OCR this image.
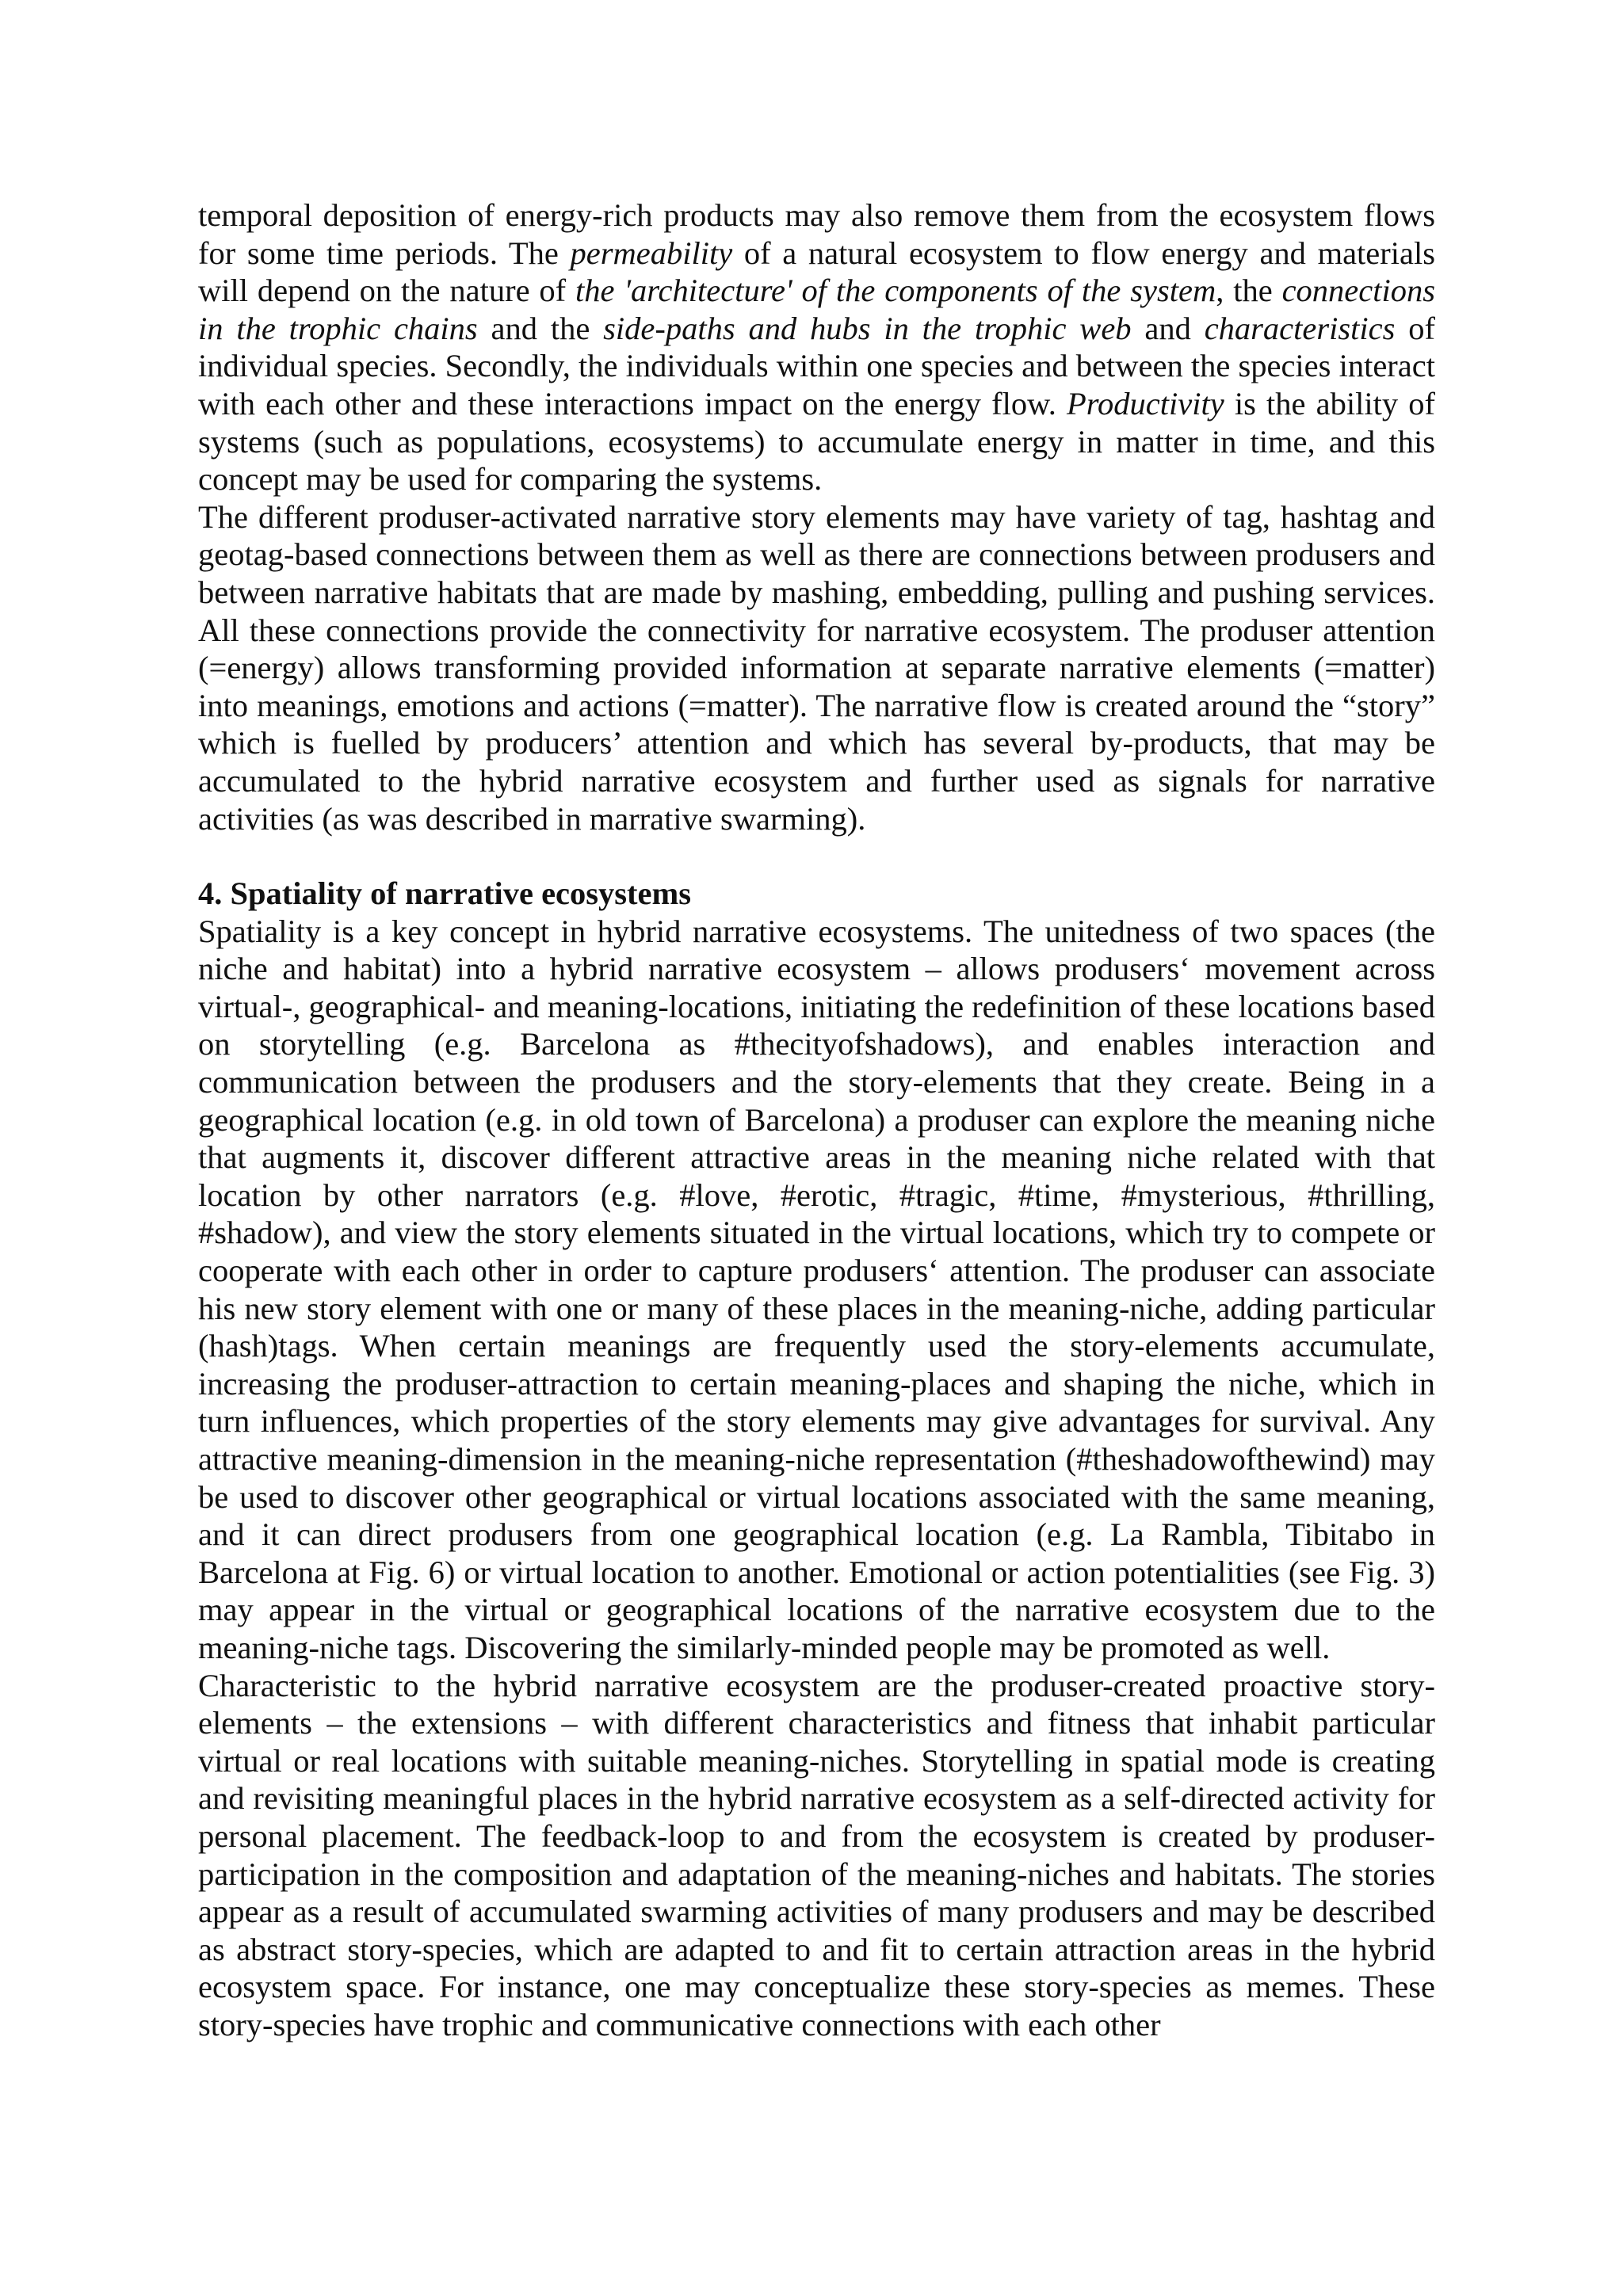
temporal deposition of energy-rich products may also remove them from the ecosystem flows for some time periods. The permeability of a natural ecosystem to flow energy and materials will depend on the nature of the 'architecture' of the components of the system, the connections in the trophic chains and the side-paths and hubs in the trophic web and characteristics of individual species. Secondly, the individuals within one species and between the species interact with each other and these interactions impact on the energy flow. Productivity is the ability of systems (such as populations, ecosystems) to accumulate energy in matter in time, and this concept may be used for comparing the systems.

The different produser-activated narrative story elements may have variety of tag, hashtag and geotag-based connections between them as well as there are connections between produsers and between narrative habitats that are made by mashing, embedding, pulling and pushing services. All these connections provide the connectivity for narrative ecosystem. The produser attention (=energy) allows transforming provided information at separate narrative elements (=matter) into meanings, emotions and actions (=matter). The narrative flow is created around the “story” which is fuelled by producers’ attention and which has several by-products, that may be accumulated to the hybrid narrative ecosystem and further used as signals for narrative activities (as was described in marrative swarming).

4. Spatiality of narrative ecosystems

Spatiality is a key concept in hybrid narrative ecosystems. The unitedness of two spaces (the niche and habitat) into a hybrid narrative ecosystem – allows produsers‘ movement across virtual-, geographical- and meaning-locations, initiating the redefinition of these locations based on storytelling (e.g. Barcelona as #thecityofshadows), and enables interaction and communication between the produsers and the story-elements that they create. Being in a geographical location (e.g. in old town of Barcelona) a produser can explore the meaning niche that augments it, discover different attractive areas in the meaning niche related with that location by other narrators (e.g. #love, #erotic, #tragic, #time, #mysterious, #thrilling, #shadow), and view the story elements situated in the virtual locations, which try to compete or cooperate with each other in order to capture produsers‘ attention. The produser can associate his new story element with one or many of these places in the meaning-niche, adding particular (hash)tags. When certain meanings are frequently used the story-elements accumulate, increasing the produser-attraction to certain meaning-places and shaping the niche, which in turn influences, which properties of the story elements may give advantages for survival. Any attractive meaning-dimension in the meaning-niche representation (#theshadowofthewind) may be used to discover other geographical or virtual locations associated with the same meaning, and it can direct produsers from one geographical location (e.g. La Rambla, Tibitabo in Barcelona at Fig. 6) or virtual location to another. Emotional or action potentialities (see Fig. 3) may appear in the virtual or geographical locations of the narrative ecosystem due to the meaning-niche tags. Discovering the similarly-minded people may be promoted as well.

Characteristic to the hybrid narrative ecosystem are the produser-created proactive story-elements – the extensions – with different characteristics and fitness that inhabit particular virtual or real locations with suitable meaning-niches. Storytelling in spatial mode is creating and revisiting meaningful places in the hybrid narrative ecosystem as a self-directed activity for personal placement. The feedback-loop to and from the ecosystem is created by produser-participation in the composition and adaptation of the meaning-niches and habitats. The stories appear as a result of accumulated swarming activities of many produsers and may be described as abstract story-species, which are adapted to and fit to certain attraction areas in the hybrid ecosystem space. For instance, one may conceptualize these story-species as memes. These story-species have trophic and communicative connections with each other
